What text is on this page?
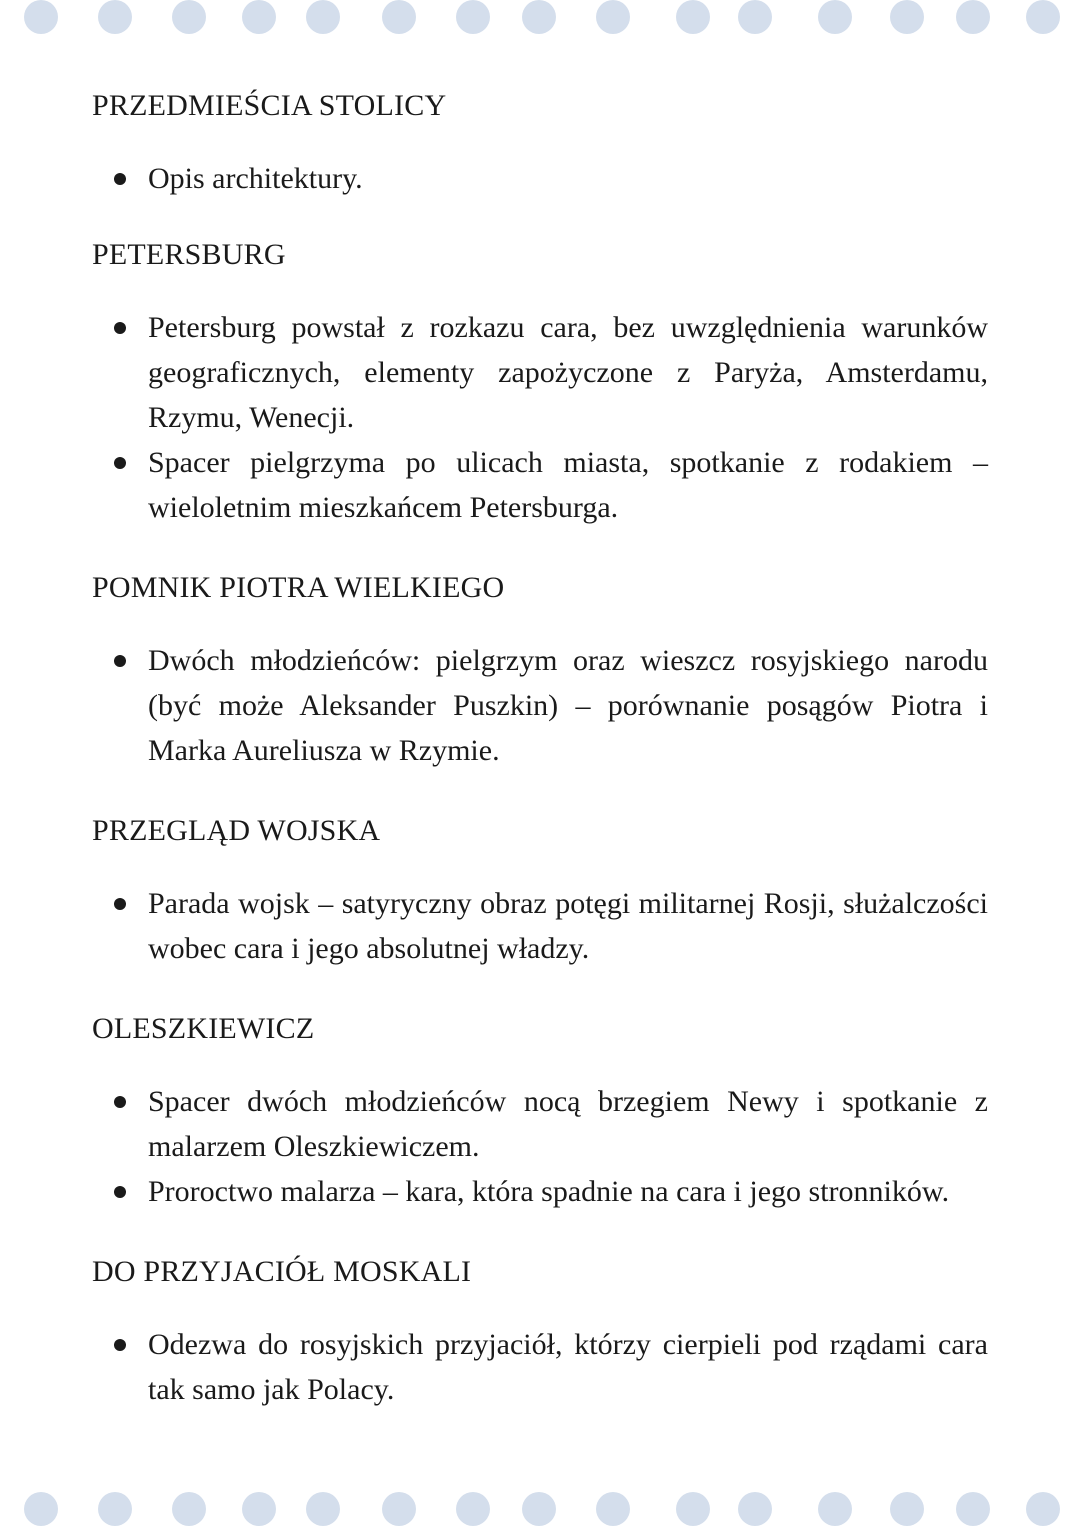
PRZEDMIEŚCIA STOLICY
Opis architektury.
PETERSBURG
Petersburg powstał z rozkazu cara, bez uwzględnienia warunków geograficznych, elementy zapożyczone z Paryża, Amsterdamu, Rzymu, Wenecji.
Spacer pielgrzyma po ulicach miasta, spotkanie z rodakiem – wieloletnim mieszkańcem Petersburga.
POMNIK PIOTRA WIELKIEGO
Dwóch młodzieńców: pielgrzym oraz wieszcz rosyjskiego narodu (być może Aleksander Puszkin) – porównanie posągów Piotra i Marka Aureliusza w Rzymie.
PRZEGLĄD WOJSKA
Parada wojsk – satyryczny obraz potęgi militarnej Rosji, służalczości wobec cara i jego absolutnej władzy.
OLESZKIEWICZ
Spacer dwóch młodzieńców nocą brzegiem Newy i spotkanie z malarzem Oleszkiewiczem.
Proroctwo malarza – kara, która spadnie na cara i jego stronników.
DO PRZYJACIÓŁ MOSKALI
Odezwa do rosyjskich przyjaciół, którzy cierpieli pod rządami cara tak samo jak Polacy.
